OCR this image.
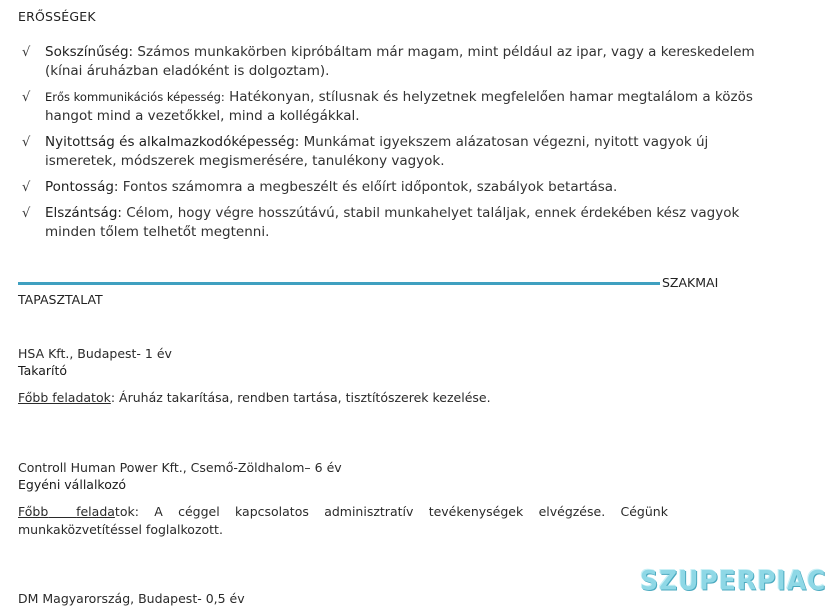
ERŐSSÉGEK
√ Sokszínűség: Számos munkakörben kipróbáltam már magam, mint például az ipar, vagy a kereskedelem
(kínai áruházban eladóként is dolgoztam).
√ Erős kommunikációs képesség: Hatékonyan, stílusnak és helyzetnek megfelelően hamar megtalálom a közös
hangot mind a vezetőkkel, mind a kollégákkal.
√ Nyitottság és alkalmazkodóképesség: Munkámat igyekszem alázatosan végezni, nyitott vagyok új
ismeretek, módszerek megismerésére, tanulékony vagyok.
√ Pontosság: Fontos számomra a megbeszélt és előírt időpontok, szabályok betartása.
√ Elszántság: Célom, hogy végre hosszútávú, stabil munkahelyet találjak, ennek érdekében kész vagyok
minden tőlem telhetőt megtenni.
SZAKMAI
TAPASZTALAT
HSA Kft., Budapest- 1 év
Takarító
Főbb feladatok: Áruház takarítása, rendben tartása, tisztítószerek kezelése.
Controll Human Power Kft., Csemő-Zöldhalom– 6 év
Egyéni vállalkozó
Főbb feladatok: A céggel kapcsolatos adminisztratív tevékenységek elvégzése. Cégünk
munkaközvetítéssel foglalkozott.
DM Magyarország, Budapest- 0,5 év
SZUPERPIAC
